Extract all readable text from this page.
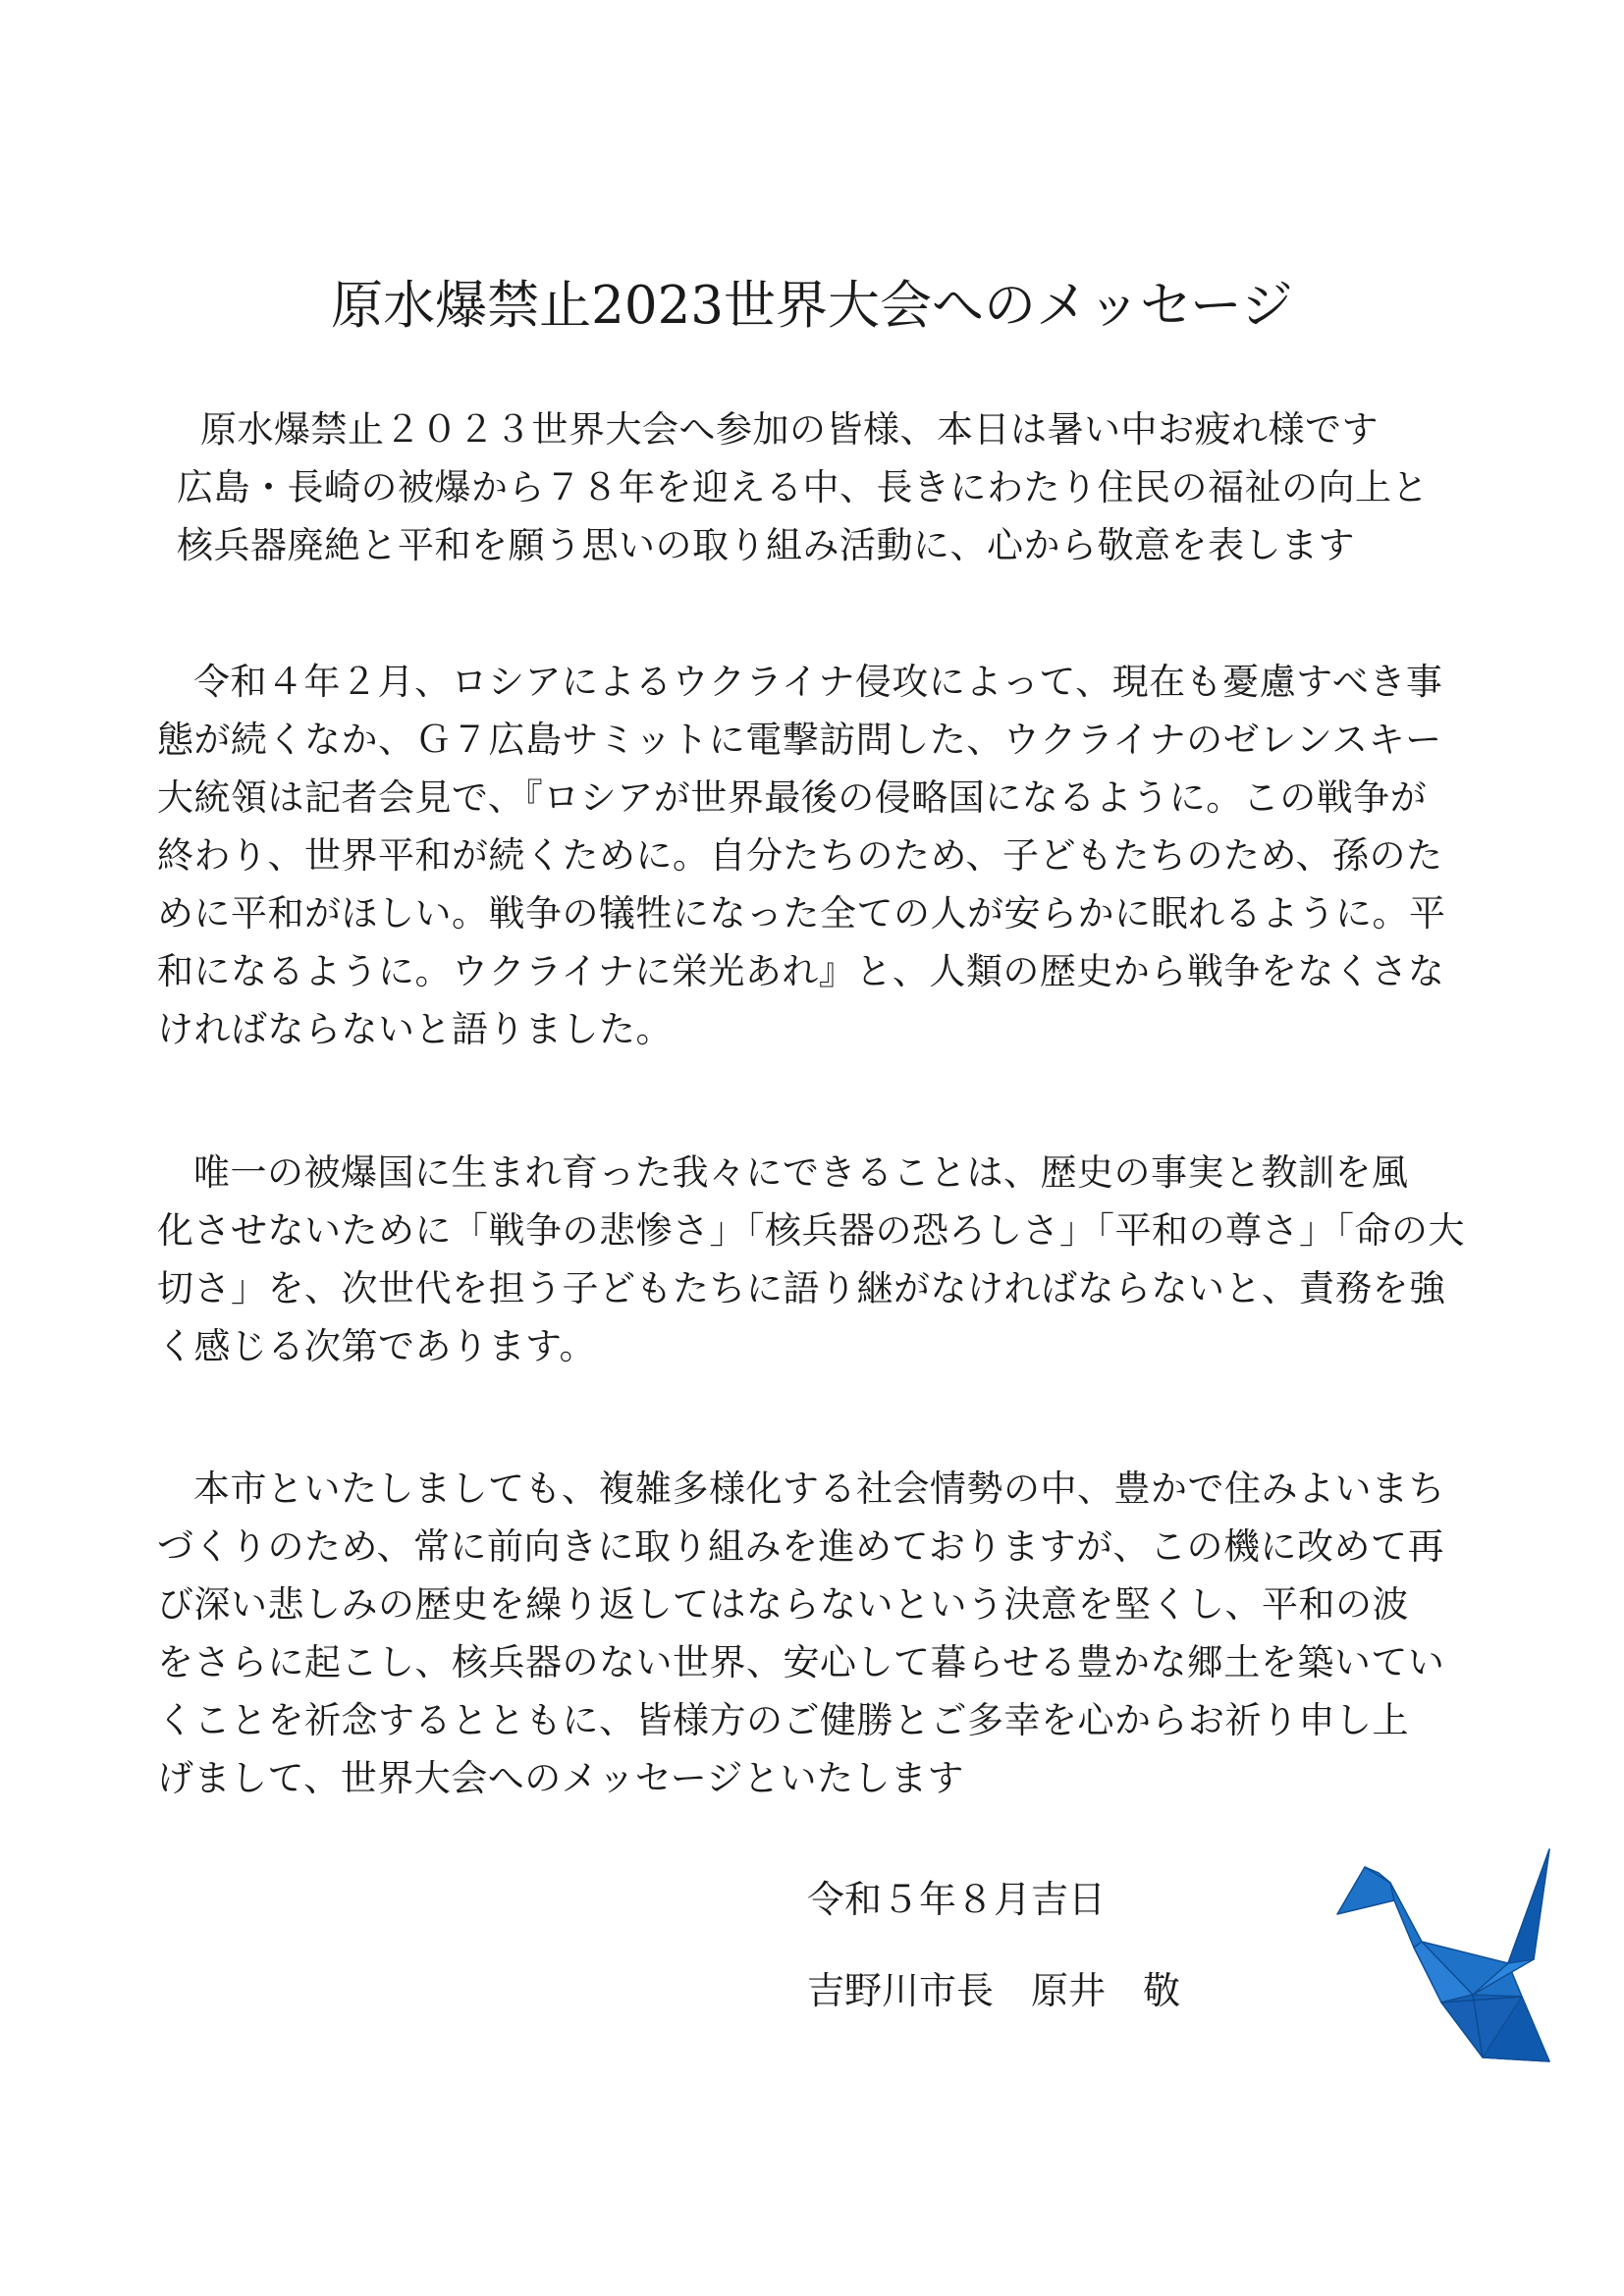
原水爆禁止2023世界大会へのメッセージ
原水爆禁止２０２３世界大会へ参加の皆様、本日は暑い中お疲れ様です
広島・長崎の被爆から７８年を迎える中、長きにわたり住民の福祉の向上と
核兵器廃絶と平和を願う思いの取り組み活動に、心から敬意を表します
令和４年２月、ロシアによるウクライナ侵攻によって、現在も憂慮すべき事
態が続くなか、Ｇ７広島サミットに電撃訪問した、ウクライナのゼレンスキー
大統領は記者会見で、『ロシアが世界最後の侵略国になるように。この戦争が
終わり、世界平和が続くために。自分たちのため、子どもたちのため、孫のた
めに平和がほしい。戦争の犠牲になった全ての人が安らかに眠れるように。平
和になるように。ウクライナに栄光あれ』と、人類の歴史から戦争をなくさな
ければならないと語りました。
唯一の被爆国に生まれ育った我々にできることは、歴史の事実と教訓を風
化させないために「戦争の悲惨さ」「核兵器の恐ろしさ」「平和の尊さ」「命の大
切さ」を、次世代を担う子どもたちに語り継がなければならないと、責務を強
く感じる次第であります。
本市といたしましても、複雑多様化する社会情勢の中、豊かで住みよいまち
づくりのため、常に前向きに取り組みを進めておりますが、この機に改めて再
び深い悲しみの歴史を繰り返してはならないという決意を堅くし、平和の波
をさらに起こし、核兵器のない世界、安心して暮らせる豊かな郷土を築いてい
くことを祈念するとともに、皆様方のご健勝とご多幸を心からお祈り申し上
げまして、世界大会へのメッセージといたします
令和５年８月吉日
吉野川市長　原井　敬
